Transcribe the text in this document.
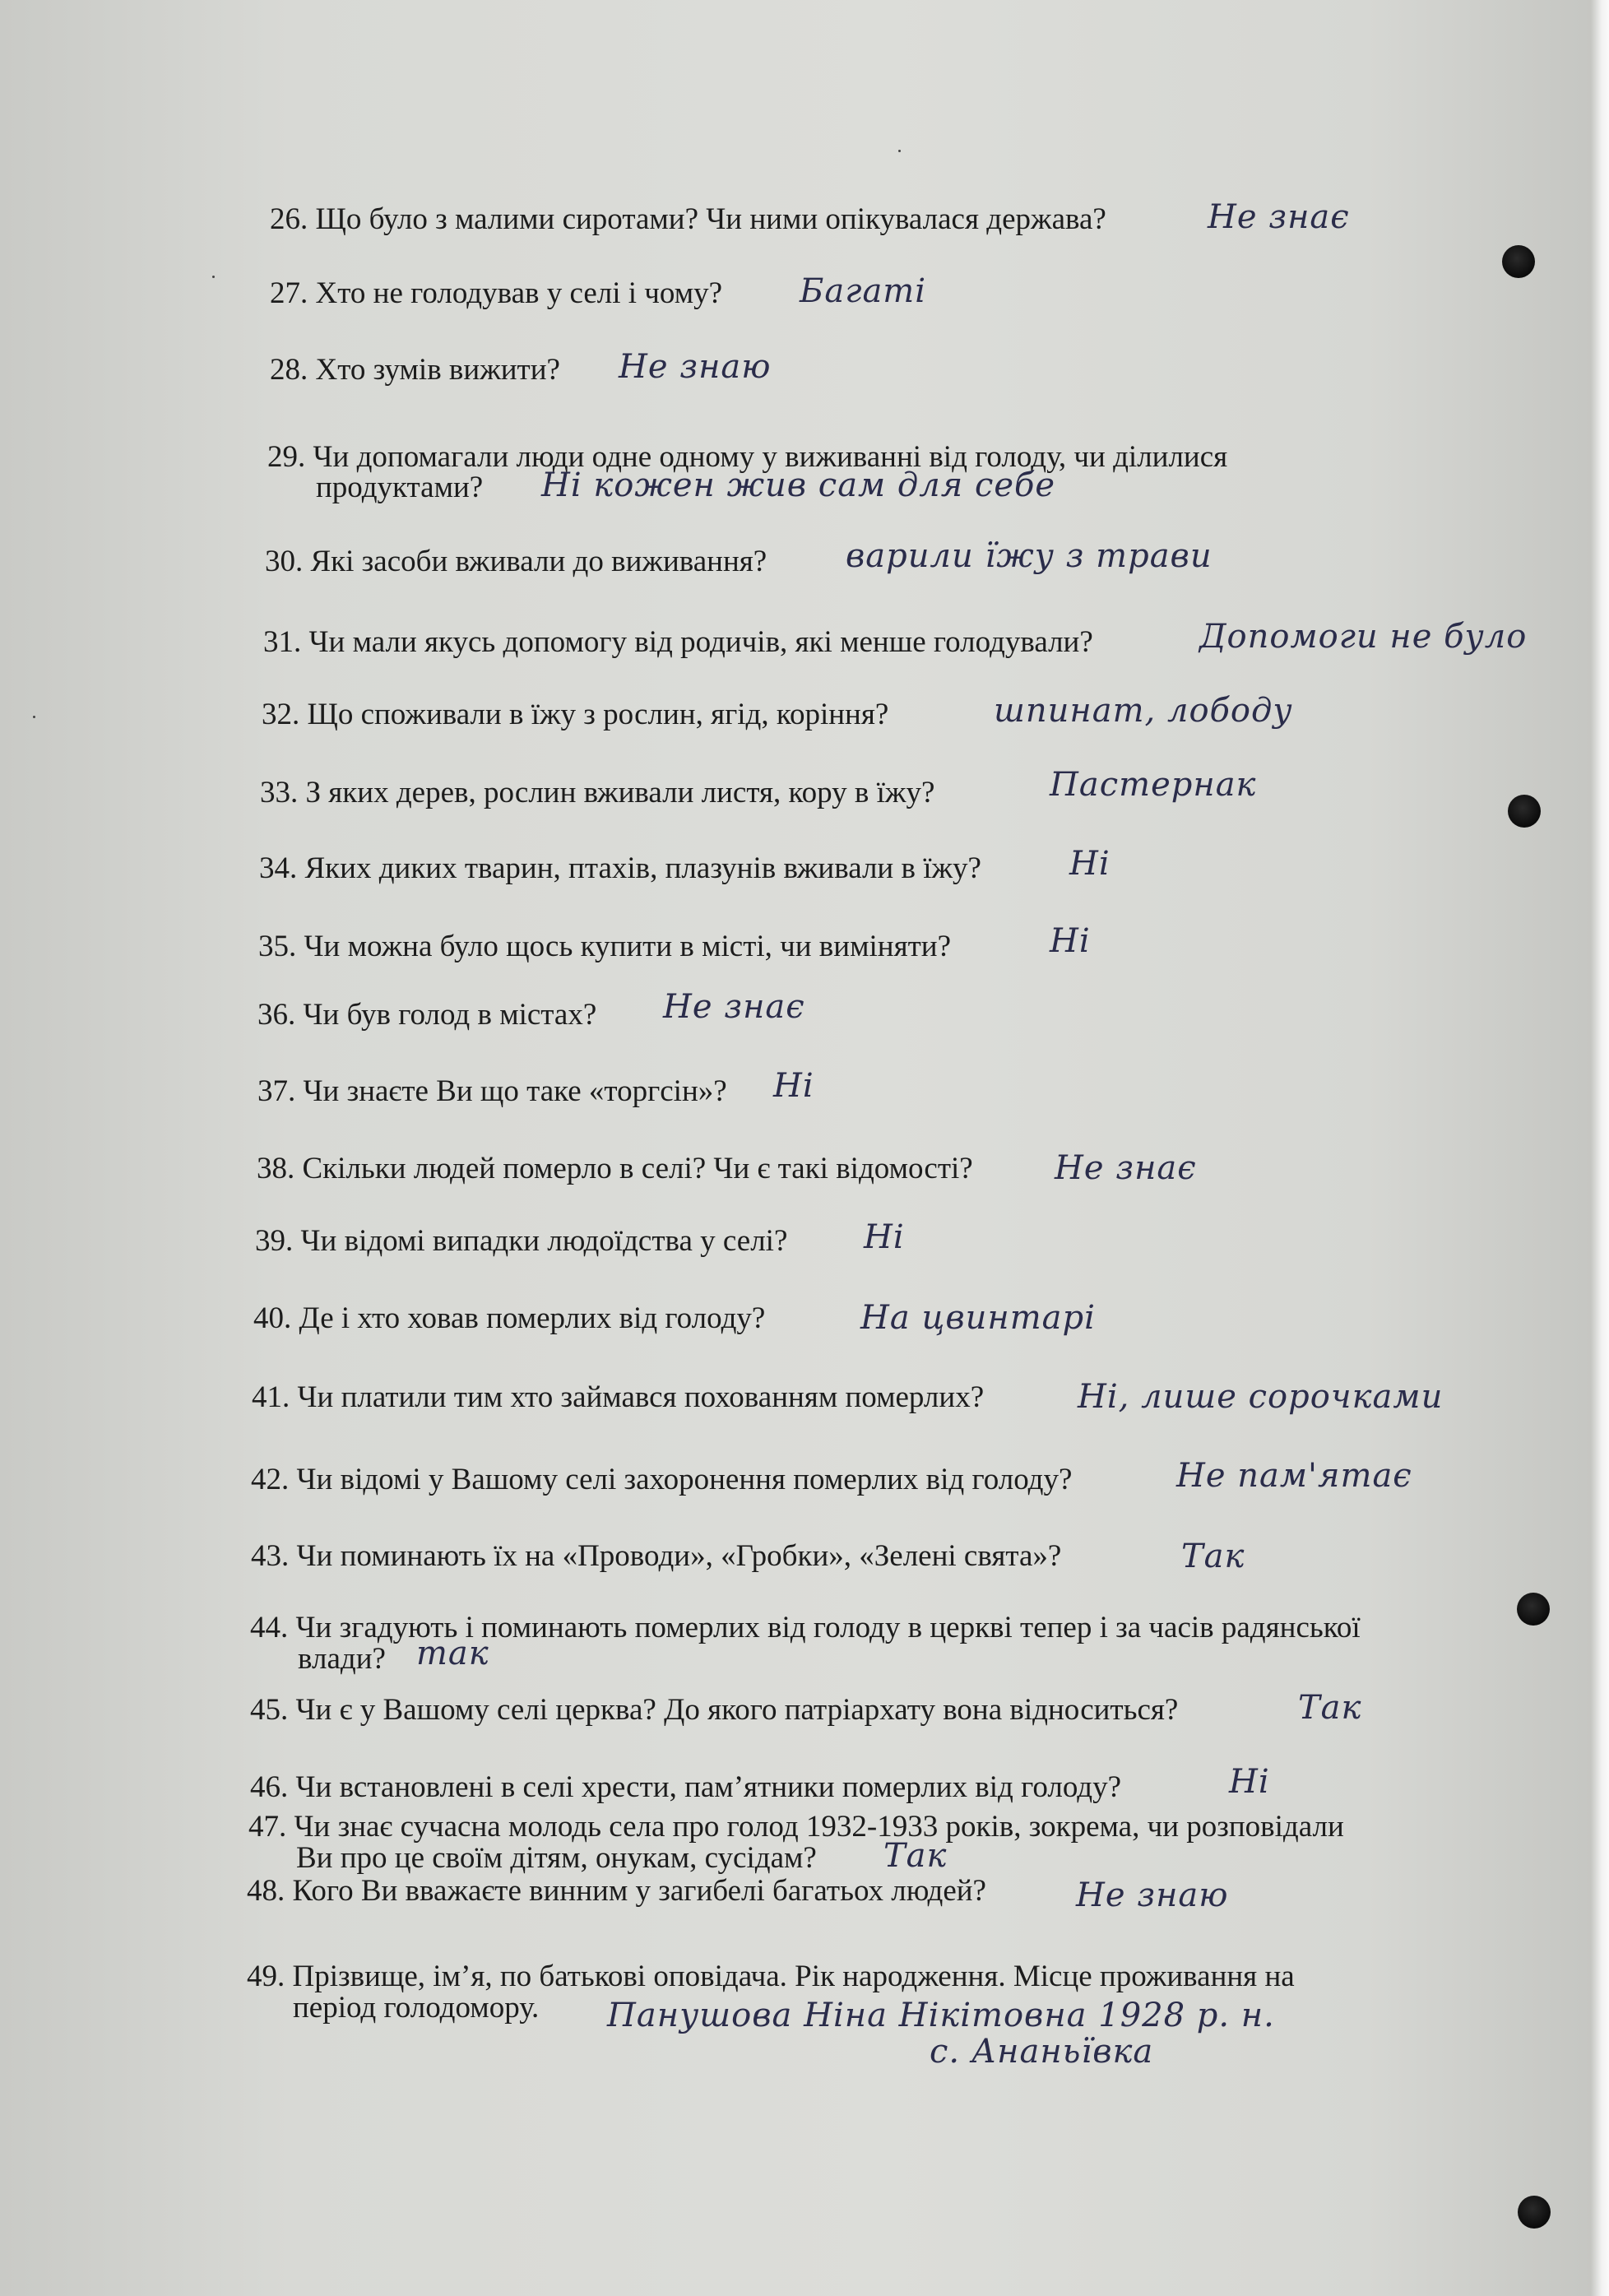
26. Що було з малими сиротами? Чи ними опікувалася держава?	Не знає

27. Хто не голодував у селі і чому? Багаті

28. Хто зумів вижити? Не знаю

29. Чи допомагали люди одне одному у виживанні від голоду, чи ділилися

продуктами? Ні кожен жив сам для себе

30. Які засоби вживали до виживання? варили їжу з трави

31. Чи мали якусь допомогу від родичів, які менше голодували?	Допомоги не було

32. Що споживали в їжу з рослин, ягід, коріння?	шпинат, лободу

33. З яких дерев, рослин вживали листя, кору в їжу?	Пастернак

34. Яких диких тварин, птахів, плазунів вживали в їжу?	Ні

35. Чи можна було щось купити в місті, чи виміняти?	Ні

36. Чи був голод в містах? Не знає

37. Чи знаєте Ви що таке «торгсін»? Ні

38. Скільки людей померло в селі? Чи є такі відомості? Не знає

39. Чи відомі випадки людоїдства у селі? Ні

40. Де і хто ховав померлих від голоду?	На цвинтарі

41. Чи платили тим хто займався похованням померлих?	Ні, лише сорочками

42. Чи відомі у Вашому селі захоронення померлих від голоду?	Не пам'ятає

43. Чи поминають їх на «Проводи», «Гробки», «Зелені свята»?	Так

44. Чи згадують і поминають померлих від голоду в церкві тепер і за часів радянської

влади? так

45. Чи є у Вашому селі церква? До якого патріархату вона відноситься?	Так

46. Чи встановлені в селі хрести, пам’ятники померлих від голоду?	Ні

47. Чи знає сучасна молодь села про голод 1932-1933 років, зокрема, чи розповідали

Ви про це своїм дітям, онукам, сусідам? Так

48. Кого Ви вважаєте винним у загибелі багатьох людей?	Не знаю

49. Прізвище, ім’я, по батькові оповідача. Рік народження. Місце проживання на

період голодомору. Панушова Ніна Нікітовна 1928 р. н.

с. Ананьївка
